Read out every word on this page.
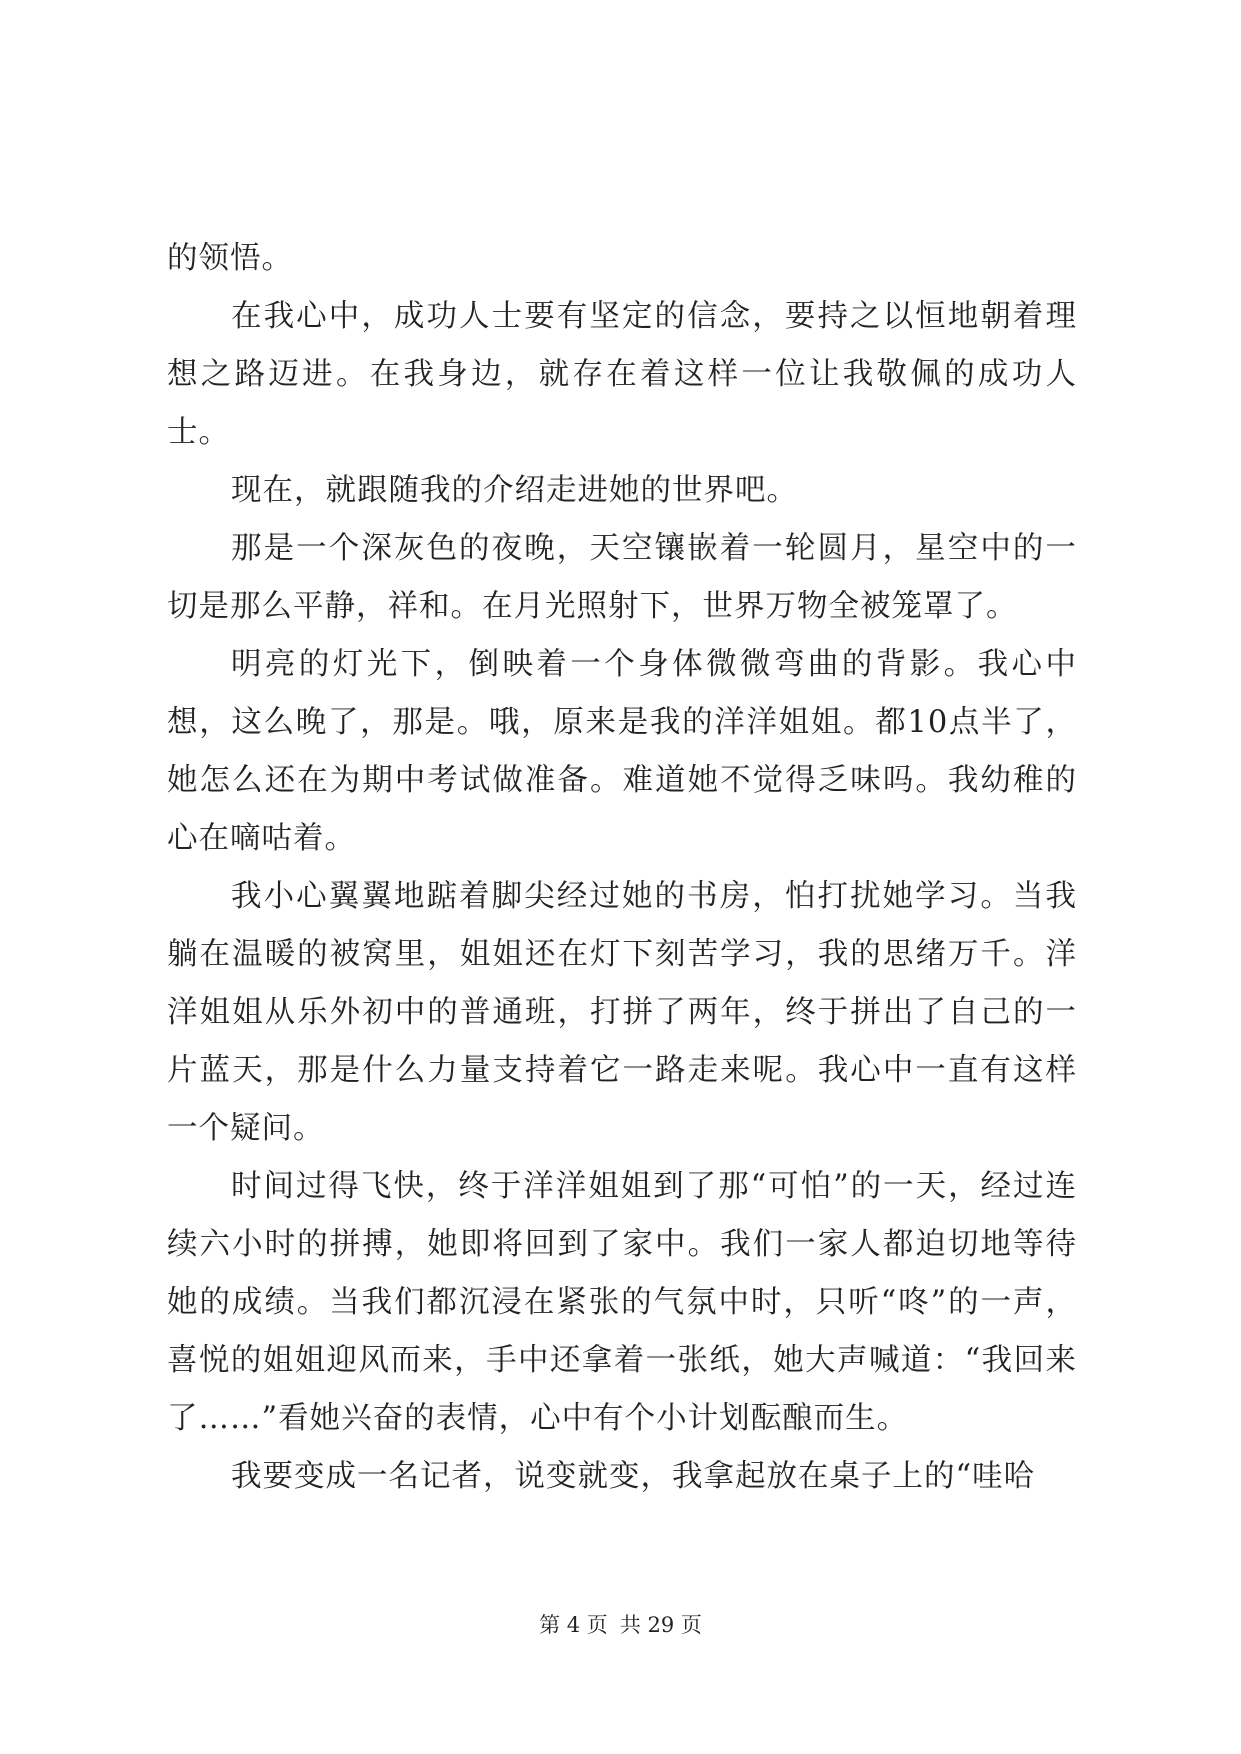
的领悟。

在我心中，成功人士要有坚定的信念，要持之以恒地朝着理想之路迈进。在我身边，就存在着这样一位让我敬佩的成功人士。

现在，就跟随我的介绍走进她的世界吧。

那是一个深灰色的夜晚，天空镶嵌着一轮圆月，星空中的一切是那么平静，祥和。在月光照射下，世界万物全被笼罩了。

明亮的灯光下，倒映着一个身体微微弯曲的背影。我心中想，这么晚了，那是。哦，原来是我的洋洋姐姐。都10点半了，她怎么还在为期中考试做准备。难道她不觉得乏味吗。我幼稚的心在嘀咕着。

我小心翼翼地踮着脚尖经过她的书房，怕打扰她学习。当我躺在温暖的被窝里，姐姐还在灯下刻苦学习，我的思绪万千。洋洋姐姐从乐外初中的普通班，打拼了两年，终于拼出了自己的一片蓝天，那是什么力量支持着它一路走来呢。我心中一直有这样一个疑问。

时间过得飞快，终于洋洋姐姐到了那“可怕”的一天，经过连续六小时的拼搏，她即将回到了家中。我们一家人都迫切地等待她的成绩。当我们都沉浸在紧张的气氛中时，只听“咚”的一声，喜悦的姐姐迎风而来，手中还拿着一张纸，她大声喊道：“我回来了……”看她兴奋的表情，心中有个小计划酝酿而生。

我要变成一名记者，说变就变，我拿起放在桌子上的“哇哈

第 4 页 共 29 页
